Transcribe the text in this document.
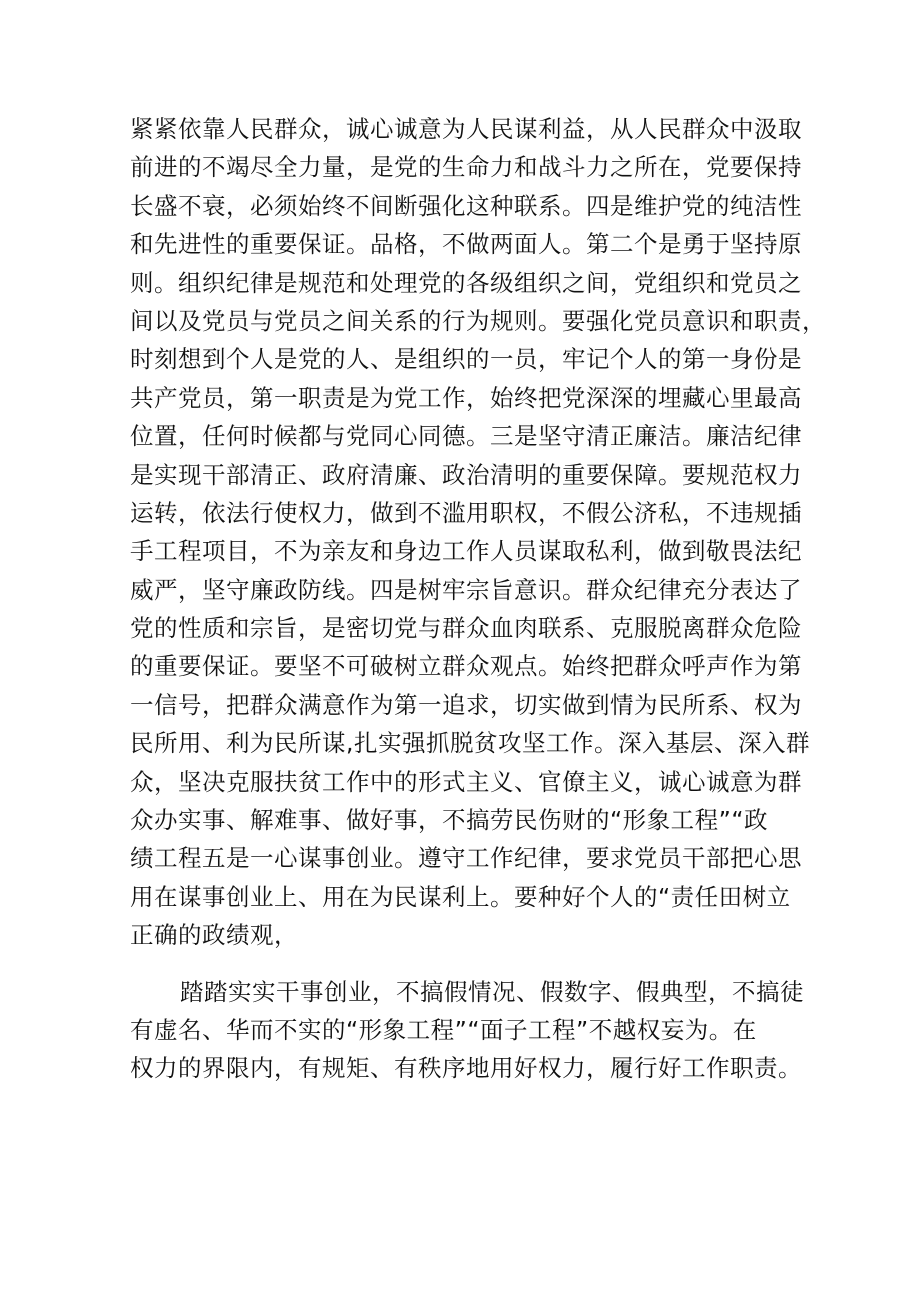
紧紧依靠人民群众，诚心诚意为人民谋利益，从人民群众中汲取
前进的不竭尽全力量，是党的生命力和战斗力之所在，党要保持
长盛不衰，必须始终不间断强化这种联系。四是维护党的纯洁性
和先进性的重要保证。品格，不做两面人。第二个是勇于坚持原
则。组织纪律是规范和处理党的各级组织之间，党组织和党员之
间以及党员与党员之间关系的行为规则。要强化党员意识和职责，
时刻想到个人是党的人、是组织的一员，牢记个人的第一身份是
共产党员，第一职责是为党工作，始终把党深深的埋藏心里最高
位置，任何时候都与党同心同德。三是坚守清正廉洁。廉洁纪律
是实现干部清正、政府清廉、政治清明的重要保障。要规范权力
运转，依法行使权力，做到不滥用职权，不假公济私，不违规插
手工程项目，不为亲友和身边工作人员谋取私利，做到敬畏法纪
威严，坚守廉政防线。四是树牢宗旨意识。群众纪律充分表达了
党的性质和宗旨，是密切党与群众血肉联系、克服脱离群众危险
的重要保证。要坚不可破树立群众观点。始终把群众呼声作为第
一信号，把群众满意作为第一追求，切实做到情为民所系、权为
民所用、利为民所谋,扎实强抓脱贫攻坚工作。深入基层、深入群
众，坚决克服扶贫工作中的形式主义、官僚主义，诚心诚意为群
众办实事、解难事、做好事，不搞劳民伤财的“形象工程”“政
绩工程五是一心谋事创业。遵守工作纪律，要求党员干部把心思
用在谋事创业上、用在为民谋利上。要种好个人的“责任田树立
正确的政绩观，
踏踏实实干事创业，不搞假情况、假数字、假典型，不搞徒
有虚名、华而不实的“形象工程”“面子工程”不越权妄为。在
权力的界限内，有规矩、有秩序地用好权力，履行好工作职责。
